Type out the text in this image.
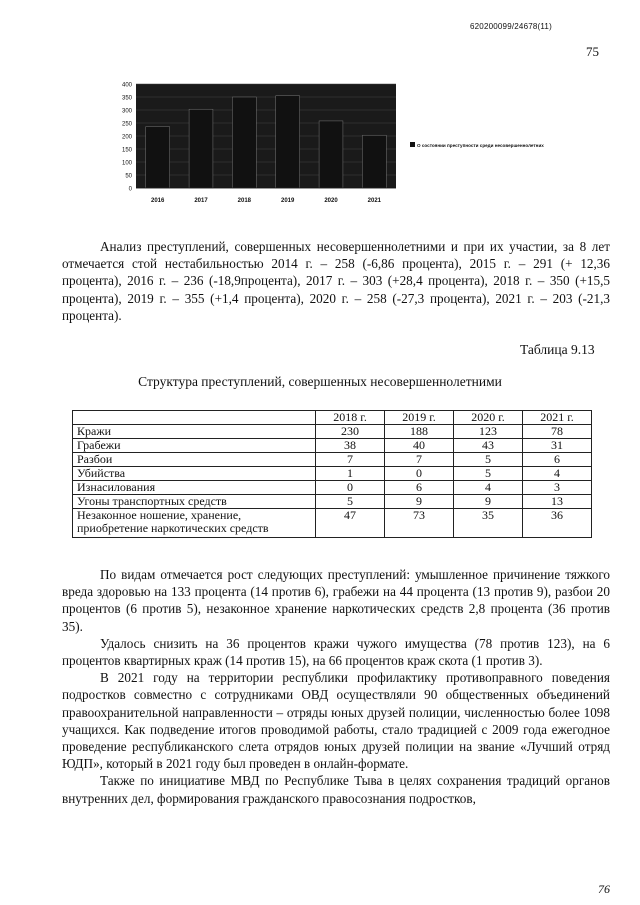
620200099/24678(11)
75
400
350
300
250
200
150
100
50
0
2016	2017	2018	2019	2020	2021
О состоянии преступности среди несовершеннолетних

Анализ преступлений, совершенных несовершеннолетними и при их участии, за 8 лет отмечается стой нестабильностью 2014 г. – 258 (-6,86 процента), 2015 г. – 291 (+ 12,36 процента), 2016 г. – 236 (-18,9процента), 2017 г. – 303 (+28,4 процента), 2018 г. – 350 (+15,5 процента), 2019 г. – 355 (+1,4 процента), 2020 г. – 258 (-27,3 процента), 2021 г. – 203 (-21,3 процента).

Таблица 9.13
Структура преступлений, совершенных несовершеннолетними
	2018 г.	2019 г.	2020 г.	2021 г.
Кражи	230	188	123	78
Грабежи	38	40	43	31
Разбои	7	7	5	6
Убийства	1	0	5	4
Изнасилования	0	6	4	3
Угоны транспортных средств	5	9	9	13
Незаконное ношение, хранение, приобретение наркотических средств	47	73	35	36

По видам отмечается рост следующих преступлений: умышленное причинение тяжкого вреда здоровью на 133 процента (14 против 6), грабежи на 44 процента (13 против 9), разбои 20 процентов (6 против 5), незаконное хранение наркотических средств 2,8 процента (36 против 35).

Удалось снизить на 36 процентов кражи чужого имущества (78 против 123), на 6 процентов квартирных краж (14 против 15), на 66 процентов краж скота (1 против 3).

В 2021 году на территории республики профилактику противоправного поведения подростков совместно с сотрудниками ОВД осуществляли 90 общественных объединений правоохранительной направленности – отряды юных друзей полиции, численностью более 1098 учащихся. Как подведение итогов проводимой работы, стало традицией с 2009 года ежегодное проведение республиканского слета отрядов юных друзей полиции на звание «Лучший отряд ЮДП», который в 2021 году был проведен в онлайн-формате.

Также по инициативе МВД по Республике Тыва в целях сохранения традиций органов внутренних дел, формирования гражданского правосознания подростков,

76
